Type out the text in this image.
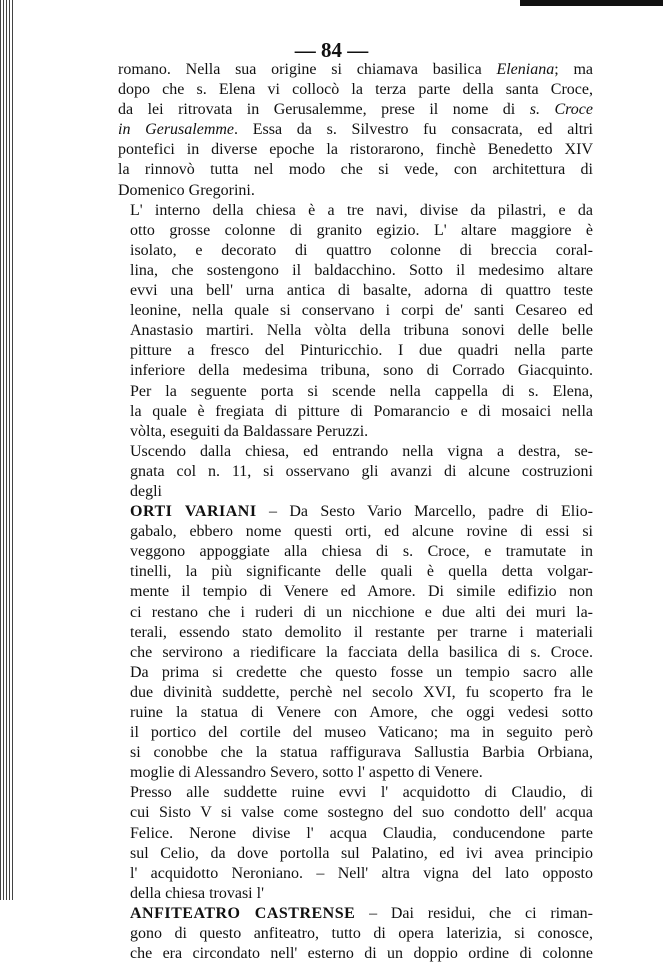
— 84 —

romano. Nella sua origine si chiamava basilica Eleniana; ma
dopo che s. Elena vi collocò la terza parte della santa Croce,
da lei ritrovata in Gerusalemme, prese il nome di s. Croce
in Gerusalemme. Essa da s. Silvestro fu consacrata, ed altri
pontefici in diverse epoche la ristorarono, finchè Benedetto XIV
la rinnovò tutta nel modo che si vede, con architettura di
Domenico Gregorini.

L' interno della chiesa è a tre navi, divise da pilastri, e da
otto grosse colonne di granito egizio. L' altare maggiore è
isolato, e decorato di quattro colonne di breccia coral-
lina, che sostengono il baldacchino. Sotto il medesimo altare
evvi una bell' urna antica di basalte, adorna di quattro teste
leonine, nella quale si conservano i corpi de' santi Cesareo ed
Anastasio martiri. Nella vòlta della tribuna sonovi delle belle
pitture a fresco del Pinturicchio. I due quadri nella parte
inferiore della medesima tribuna, sono di Corrado Giacquinto.
Per la seguente porta si scende nella cappella di s. Elena,
la quale è fregiata di pitture di Pomarancio e di mosaici nella
vòlta, eseguiti da Baldassare Peruzzi.

Uscendo dalla chiesa, ed entrando nella vigna a destra, se-
gnata col n. 11, si osservano gli avanzi di alcune costruzioni
degli

ORTI VARIANI – Da Sesto Vario Marcello, padre di Elio-
gabalo, ebbero nome questi orti, ed alcune rovine di essi si
veggono appoggiate alla chiesa di s. Croce, e tramutate in
tinelli, la più significante delle quali è quella detta volgar-
mente il tempio di Venere ed Amore. Di simile edifizio non
ci restano che i ruderi di un nicchione e due alti dei muri la-
terali, essendo stato demolito il restante per trarne i materiali
che servirono a riedificare la facciata della basilica di s. Croce.
Da prima si credette che questo fosse un tempio sacro alle
due divinità suddette, perchè nel secolo XVI, fu scoperto fra le
ruine la statua di Venere con Amore, che oggi vedesi sotto
il portico del cortile del museo Vaticano; ma in seguito però
si conobbe che la statua raffigurava Sallustia Barbia Orbiana,
moglie di Alessandro Severo, sotto l' aspetto di Venere.

Presso alle suddette ruine evvi l' acquidotto di Claudio, di
cui Sisto V si valse come sostegno del suo condotto dell' acqua
Felice. Nerone divise l' acqua Claudia, conducendone parte
sul Celio, da dove portolla sul Palatino, ed ivi avea principio
l' acquidotto Neroniano. – Nell' altra vigna del lato opposto
della chiesa trovasi l'

ANFITEATRO CASTRENSE – Dai residui, che ci riman-
gono di questo anfiteatro, tutto di opera laterizia, si conosce,
che era circondato nell' esterno di un doppio ordine di colonne
